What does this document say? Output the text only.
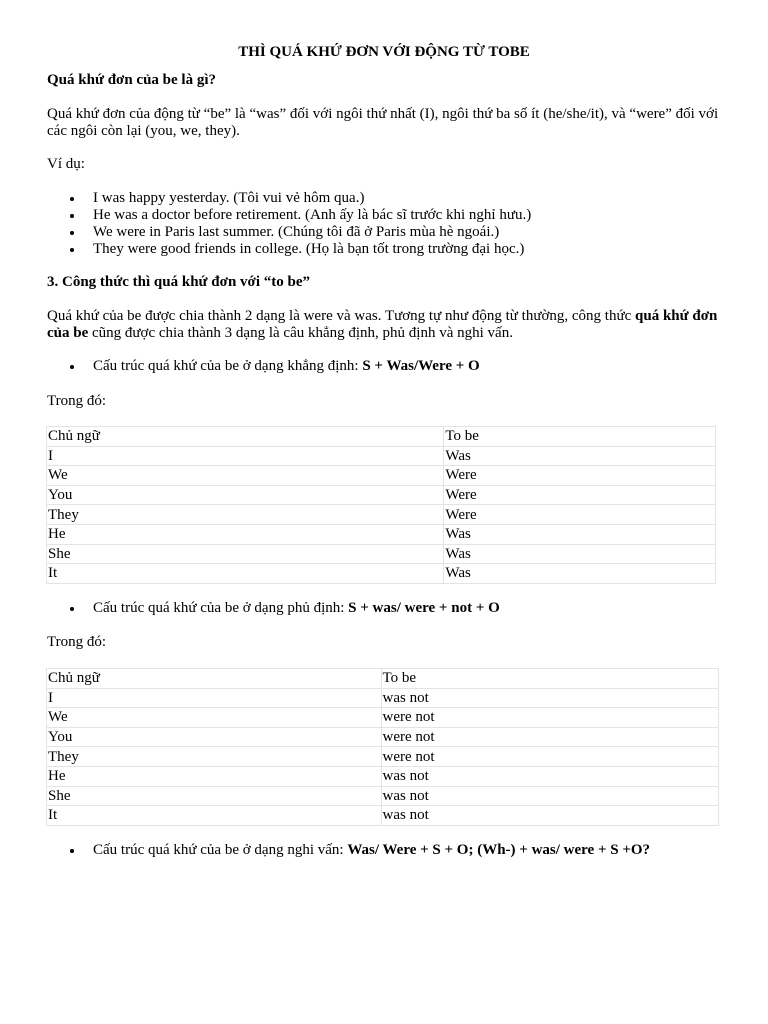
THÌ QUÁ KHỨ ĐƠN VỚI ĐỘNG TỪ TOBE
Quá khứ đơn của be là gì?
Quá khứ đơn của động từ “be” là “was” đối với ngôi thứ nhất (I), ngôi thứ ba số ít (he/she/it), và “were” đối với các ngôi còn lại (you, we, they).
Ví dụ:
I was happy yesterday. (Tôi vui vẻ hôm qua.)
He was a doctor before retirement. (Anh ấy là bác sĩ trước khi nghỉ hưu.)
We were in Paris last summer. (Chúng tôi đã ở Paris mùa hè ngoái.)
They were good friends in college. (Họ là bạn tốt trong trường đại học.)
3. Công thức thì quá khứ đơn với “to be”
Quá khứ của be được chia thành 2 dạng là were và was. Tương tự như động từ thường, công thức quá khứ đơn của be cũng được chia thành 3 dạng là câu khẳng định, phủ định và nghi vấn.
Cấu trúc quá khứ của be ở dạng khẳng định: S + Was/Were + O
Trong đó:
Chủ ngữ	To be
I	Was
We	Were
You	Were
They	Were
He	Was
She	Was
It	Was
Cấu trúc quá khứ của be ở dạng phủ định: S + was/ were + not + O
Trong đó:
Chủ ngữ	To be
I	was not
We	were not
You	were not
They	were not
He	was not
She	was not
It	was not
Cấu trúc quá khứ của be ở dạng nghi vấn: Was/ Were + S + O; (Wh-) + was/ were + S +O?
